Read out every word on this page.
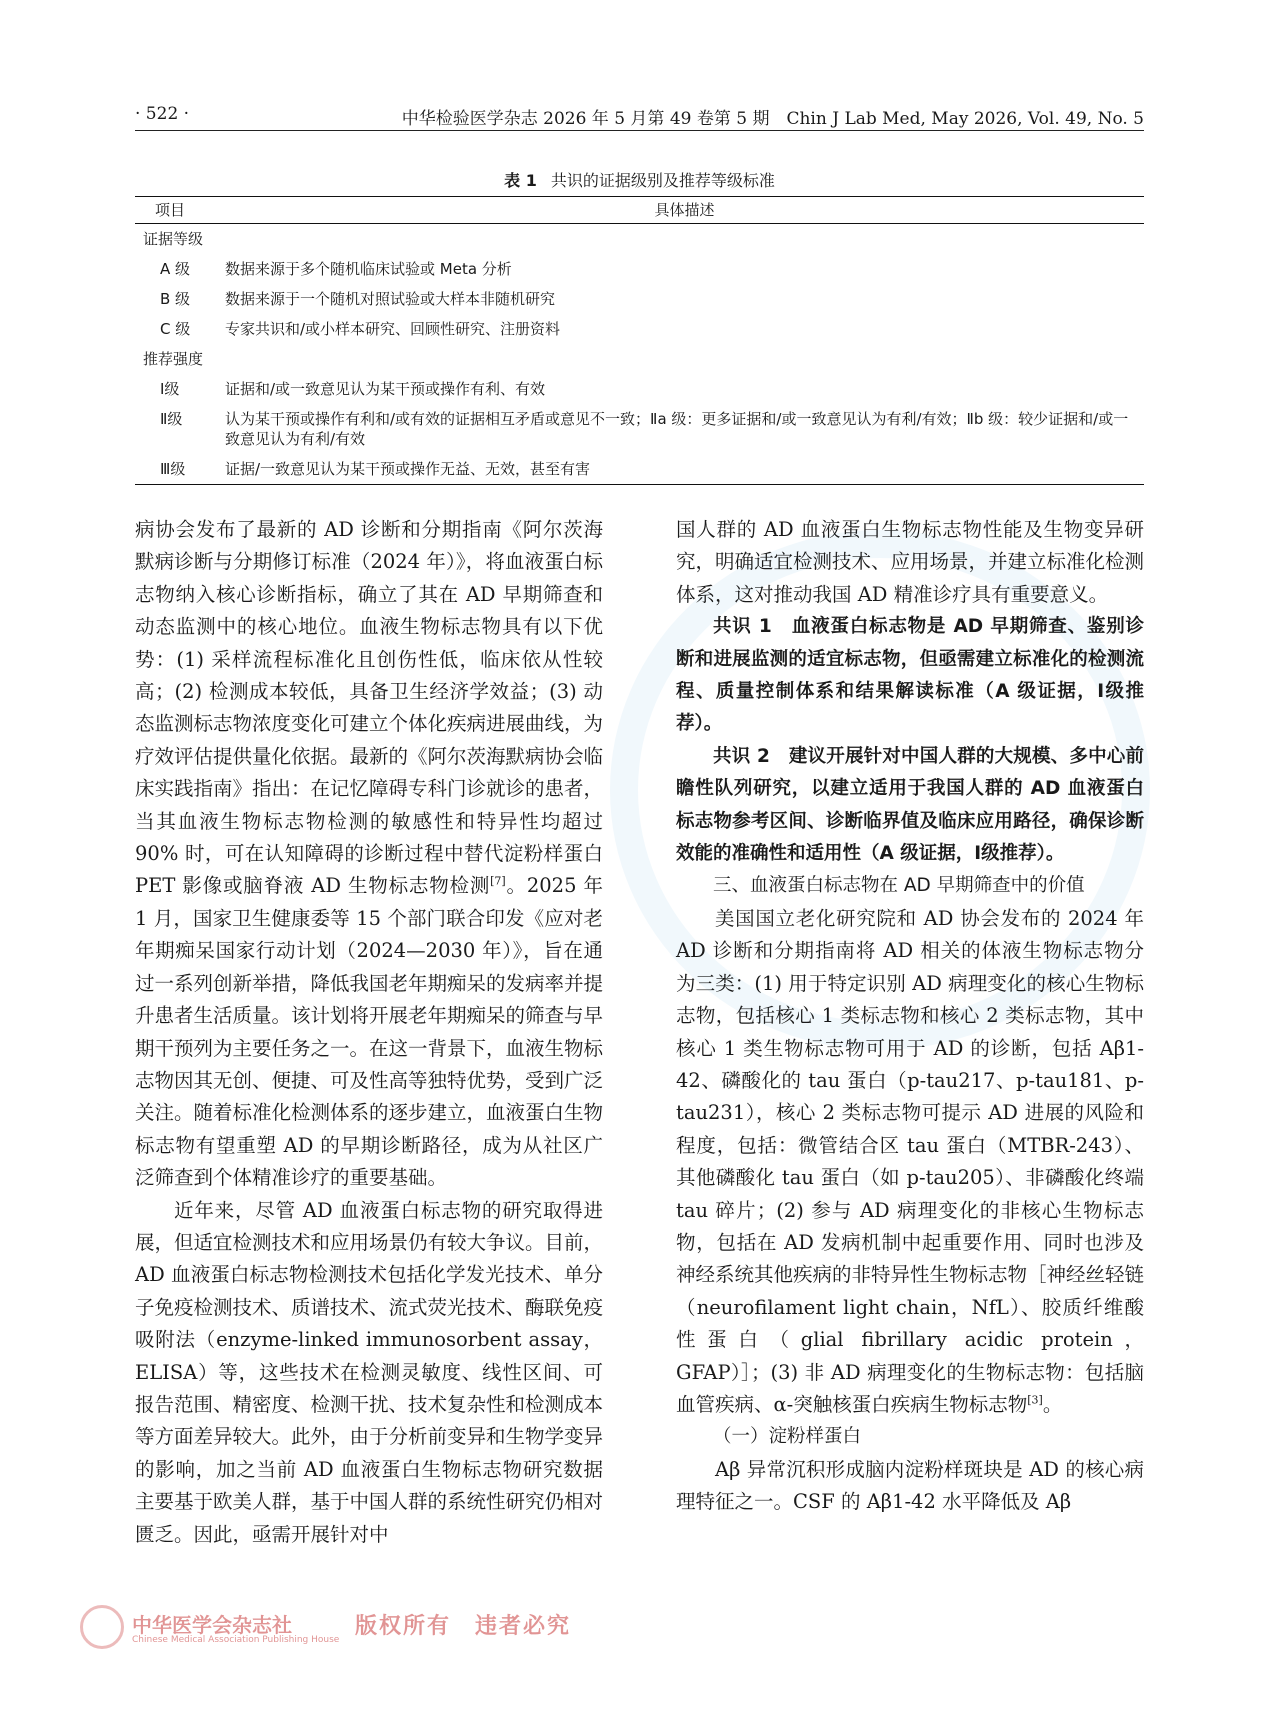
· 522 ·	中华检验医学杂志 2026 年 5 月第 49 卷第 5 期　Chin J Lab Med, May 2026, Vol. 49, No. 5
表 1 共识的证据级别及推荐等级标准
项目	具体描述
证据等级	
A 级	数据来源于多个随机临床试验或 Meta 分析
B 级	数据来源于一个随机对照试验或大样本非随机研究
C 级	专家共识和/或小样本研究、回顾性研究、注册资料
推荐强度	
Ⅰ级	证据和/或一致意见认为某干预或操作有利、有效
Ⅱ级	认为某干预或操作有利和/或有效的证据相互矛盾或意见不一致；Ⅱa 级：更多证据和/或一致意见认为有利/有效；Ⅱb 级：较少证据和/或一致意见认为有利/有效
Ⅲ级	证据/一致意见认为某干预或操作无益、无效，甚至有害

病协会发布了最新的 AD 诊断和分期指南《阿尔茨海默病诊断与分期修订标准（2024 年）》，将血液蛋白标志物纳入核心诊断指标，确立了其在 AD 早期筛查和动态监测中的核心地位。血液生物标志物具有以下优势：(1) 采样流程标准化且创伤性低，临床依从性较高；(2) 检测成本较低，具备卫生经济学效益；(3) 动态监测标志物浓度变化可建立个体化疾病进展曲线，为疗效评估提供量化依据。最新的《阿尔茨海默病协会临床实践指南》指出：在记忆障碍专科门诊就诊的患者，当其血液生物标志物检测的敏感性和特异性均超过 90% 时，可在认知障碍的诊断过程中替代淀粉样蛋白 PET 影像或脑脊液 AD 生物标志物检测[7]。2025 年 1 月，国家卫生健康委等 15 个部门联合印发《应对老年期痴呆国家行动计划（2024—2030 年）》，旨在通过一系列创新举措，降低我国老年期痴呆的发病率并提升患者生活质量。该计划将开展老年期痴呆的筛查与早期干预列为主要任务之一。在这一背景下，血液生物标志物因其无创、便捷、可及性高等独特优势，受到广泛关注。随着标准化检测体系的逐步建立，血液蛋白生物标志物有望重塑 AD 的早期诊断路径，成为从社区广泛筛查到个体精准诊疗的重要基础。

近年来，尽管 AD 血液蛋白标志物的研究取得进展，但适宜检测技术和应用场景仍有较大争议。目前，AD 血液蛋白标志物检测技术包括化学发光技术、单分子免疫检测技术、质谱技术、流式荧光技术、酶联免疫吸附法（enzyme-linked immunosorbent assay，ELISA）等，这些技术在检测灵敏度、线性区间、可报告范围、精密度、检测干扰、技术复杂性和检测成本等方面差异较大。此外，由于分析前变异和生物学变异的影响，加之当前 AD 血液蛋白生物标志物研究数据主要基于欧美人群，基于中国人群的系统性研究仍相对匮乏。因此，亟需开展针对中

国人群的 AD 血液蛋白生物标志物性能及生物变异研究，明确适宜检测技术、应用场景，并建立标准化检测体系，这对推动我国 AD 精准诊疗具有重要意义。

共识 1　血液蛋白标志物是 AD 早期筛查、鉴别诊断和进展监测的适宜标志物，但亟需建立标准化的检测流程、质量控制体系和结果解读标准（A 级证据，Ⅰ级推荐）。

共识 2　建议开展针对中国人群的大规模、多中心前瞻性队列研究，以建立适用于我国人群的 AD 血液蛋白标志物参考区间、诊断临界值及临床应用路径，确保诊断效能的准确性和适用性（A 级证据，Ⅰ级推荐）。

三、血液蛋白标志物在 AD 早期筛查中的价值

美国国立老化研究院和 AD 协会发布的 2024 年 AD 诊断和分期指南将 AD 相关的体液生物标志物分为三类：(1) 用于特定识别 AD 病理变化的核心生物标志物，包括核心 1 类标志物和核心 2 类标志物，其中核心 1 类生物标志物可用于 AD 的诊断，包括 Aβ1-42、磷酸化的 tau 蛋白（p-tau217、p-tau181、p-tau231），核心 2 类标志物可提示 AD 进展的风险和程度，包括：微管结合区 tau 蛋白（MTBR-243）、其他磷酸化 tau 蛋白（如 p-tau205）、非磷酸化终端 tau 碎片；(2) 参与 AD 病理变化的非核心生物标志物，包括在 AD 发病机制中起重要作用、同时也涉及神经系统其他疾病的非特异性生物标志物［神经丝轻链（neurofilament light chain，NfL）、胶质纤维酸性蛋白（glial fibrillary acidic protein，GFAP）］；(3) 非 AD 病理变化的生物标志物：包括脑血管疾病、α-突触核蛋白疾病生物标志物[3]。

（一）淀粉样蛋白

Aβ 异常沉积形成脑内淀粉样斑块是 AD 的核心病理特征之一。CSF 的 Aβ1-42 水平降低及 Aβ

中华医学会杂志社
Chinese Medical Association Publishing House
版权所有　违者必究
